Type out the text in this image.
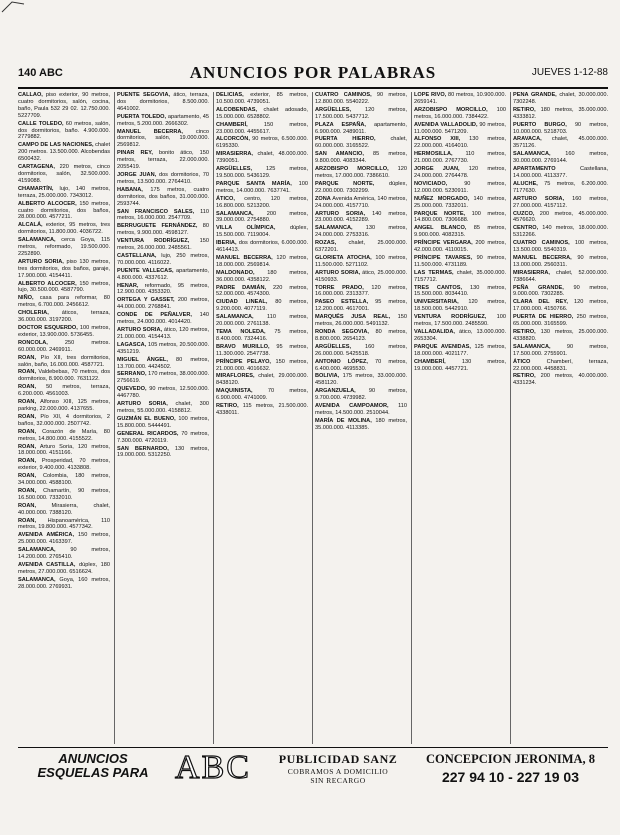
140 ABC	ANUNCIOS POR PALABRAS	JUEVES 1-12-88

CALLAO, piso exterior, 90 metros, cuatro dormitorios, salón, cocina, baño, Paula 532 29 02. 12.750.000. 5227709.

CALLE TOLEDO, 60 metros, salón, dos dormitorios, baño. 4.900.000. 2779882.

CAMPO DE LAS NACIONES, chalet 200 metros. 13.500.000. Alcobendas 6500432.

CARTAGENA, 220 metros, cinco dormitorios, salón, 32.500.000. 4159088.

CHAMARTÍN, lujo, 140 metros, terraza, 25.000.000. 7343012.

ALBERTO ALCOCER, 150 metros, cuatro dormitorios, dos baños, 28.000.000. 4577211.

ALCALÁ, exterior, 95 metros, tres dormitorios, 11.800.000. 4036722.

SALAMANCA, cerca Goya, 115 metros, reformado, 19.500.000. 2252890.

ARTURO SORIA, piso 130 metros, tres dormitorios, dos baños, garaje, 17.900.000. 4154411.

ALBERTO ALCOCER, 150 metros, lujo, 30.500.000. 4587790.

NIÑO, casa para reformar, 80 metros, 6.700.000. 2456612.

CHOLERIA, áticos, terraza, 36.000.000. 3197200.

DOCTOR ESQUERDO, 100 metros, exterior, 13.900.000. 5736455.

RONCOLA, 250 metros. 60.000.000. 2469911.

ROAN, Pío XII, tres dormitorios, salón, baño, 16.000.000. 4587721.

ROAN, Valdebebas, 70 metros, dos dormitorios, 8.900.000. 7631122.

ROAN, 50 metros, terraza, 6.200.000. 4561003.

ROAN, Alfonso XIII, 125 metros, parking, 22.000.000. 4137655.

ROAN, Pío XII, 4 dormitorios, 2 baños, 32.000.000. 2507742.

ROAN, Corazón de María, 80 metros, 14.800.000. 4155522.

ROAN, Arturo Soria, 120 metros, 18.000.000. 4151166.

ROAN, Prosperidad, 70 metros, exterior, 9.400.000. 4133808.

ROAN, Colombia, 180 metros, 34.000.000. 4588100.

ROAN, Chamartín, 90 metros, 16.500.000. 7332010.

ROAN, Mirasierra, chalet, 40.000.000. 7388120.

ROAN, Hispanoamérica, 110 metros, 19.800.000. 4577342.

AVENIDA AMÉRICA, 150 metros, 25.000.000. 4163397.

SALAMANCA, 90 metros, 14.200.000. 2765410.

AVENIDA CASTILLA, dúplex, 180 metros, 27.000.000. 6516624.

SALAMANCA, Goya, 160 metros, 28.000.000. 2769931.

PUENTE SEGOVIA, ático, terraza, dos dormitorios, 8.500.000. 4641002.

PUERTA TOLEDO, apartamento, 45 metros, 5.200.000. 2666302.

MANUEL BECERRA, cinco dormitorios, salón, 19.000.000. 2569812.

PINAR REY, bonito ático, 150 metros, terraza, 22.000.000. 2055419.

JORGE JUAN, dos dormitorios, 70 metros, 13.500.000. 2764410.

HABANA, 175 metros, cuatro dormitorios, dos baños, 31.000.000. 2593744.

SAN FRANCISCO SALES, 110 metros, 16.000.000. 2547709.

BERRUGUETE FERNÁNDEZ, 80 metros, 9.900.000. 4598127.

VENTURA RODRÍGUEZ, 150 metros, 26.000.000. 2485561.

CASTELLANA, lujo, 250 metros, 70.000.000. 4116022.

PUENTE VALLECAS, apartamento, 4.800.000. 4337612.

HENAR, reformado, 95 metros, 12.900.000. 4353320.

ORTEGA Y GASSET, 200 metros, 44.000.000. 2768841.

CONDE DE PEÑALVER, 140 metros, 24.000.000. 4014420.

ARTURO SORIA, ático, 120 metros, 21.000.000. 4154413.

LAGASCA, 105 metros, 20.500.000. 4351219.

MIGUEL ÁNGEL, 80 metros, 13.700.000. 4424502.

SERRANO, 170 metros, 38.000.000. 2756619.

QUEVEDO, 90 metros, 12.500.000. 4467780.

ARTURO SORIA, chalet, 300 metros, 55.000.000. 4158812.

GUZMÁN EL BUENO, 100 metros, 15.800.000. 5444491.

GENERAL RICARDOS, 70 metros, 7.300.000. 4720119.

SAN BERNARDO, 130 metros, 19.000.000. 5312250.

DELICIAS, exterior, 85 metros, 10.500.000. 4739051.

ALCOBENDAS, chalet adosado, 15.000.000. 6528802.

CHAMBERÍ, 150 metros, 23.000.000. 4455617.

ALCORCÓN, 90 metros, 6.500.000. 6195330.

MIRASIERRA, chalet, 48.000.000. 7390051.

ARGÜELLES, 125 metros, 19.500.000. 5436129.

PARQUE SANTA MARÍA, 100 metros, 14.000.000. 7637741.

ÁTICO, centro, 120 metros, 16.800.000. 5213200.

SALAMANCA, 200 metros, 39.000.000. 2754880.

VILLA OLÍMPICA, dúplex, 15.500.000. 7119004.

IBERIA, dos dormitorios, 6.000.000. 4614413.

MANUEL BECERRA, 120 metros, 18.000.000. 2569814.

MALDONADO, 180 metros, 36.000.000. 4358122.

PADRE DAMIÁN, 220 metros, 52.000.000. 4574300.

CIUDAD LINEAL, 80 metros, 9.200.000. 4077119.

SALAMANCA, 110 metros, 20.000.000. 2761138.

TEMA NOLEDA, 75 metros, 8.400.000. 7324416.

BRAVO MURILLO, 95 metros, 11.300.000. 2547738.

PRÍNCIPE PELAYO, 150 metros, 21.000.000. 4016632.

MIRAFLORES, chalet, 29.000.000. 8438120.

MAQUINISTA, 70 metros, 6.900.000. 4741009.

RETIRO, 115 metros, 21.500.000. 4338011.

CUATRO CAMINOS, 90 metros, 12.800.000. 5540222.

ARGÜELLES, 120 metros, 17.500.000. 5437712.

PLAZA ESPAÑA, apartamento, 6.900.000. 2489011.

PUERTA HIERRO, chalet, 60.000.000. 3165522.

SAN AMANCIO, 85 metros, 9.800.000. 4083344.

ARZOBISPO MORCILLO, 120 metros, 17.000.000. 7386610.

PARQUE NORTE, dúplex, 22.000.000. 7302299.

ZONA Avenida América, 140 metros, 24.000.000. 4157710.

ARTURO SORIA, 140 metros, 23.000.000. 4152289.

SALAMANCA, 130 metros, 24.000.000. 2753316.

ROZAS, chalet, 25.000.000. 6372201.

GLORIETA ATOCHA, 100 metros, 11.500.000. 5271102.

ARTURO SORIA, ático, 25.000.000. 4150933.

TORRE PRADO, 120 metros, 16.000.000. 2313377.

PASEO ESTELLA, 95 metros, 12.200.000. 4617001.

MARQUÉS JUSA REAL, 150 metros, 26.000.000. 5491132.

RONDA SEGOVIA, 80 metros, 8.800.000. 2654123.

ARGÜELLES, 160 metros, 26.000.000. 5425518.

ANTONIO LÓPEZ, 70 metros, 6.400.000. 4695530.

BOLIVIA, 175 metros, 33.000.000. 4581120.

ARGANZUELA, 90 metros, 9.700.000. 4739982.

AVENIDA CAMPOAMOR, 110 metros, 14.500.000. 2510044.

MARÍA DE MOLINA, 180 metros, 35.000.000. 4113385.

LOPE RIVO, 80 metros, 10.900.000. 2659141.

ARZOBISPO MORCILLO, 100 metros, 16.000.000. 7384422.

AVENIDA VALLADOLID, 90 metros, 11.000.000. 5471209.

ALFONSO XIII, 130 metros, 22.000.000. 4164010.

HERMOSILLA, 110 metros, 21.000.000. 2767730.

JORGE JUAN, 120 metros, 24.000.000. 2764478.

NOVICIADO, 90 metros, 12.000.000. 5230911.

NUÑEZ MORGADO, 140 metros, 25.000.000. 7332011.

PARQUE NORTE, 100 metros, 14.800.000. 7306688.

ANGEL BLANCO, 85 metros, 9.900.000. 4082315.

PRÍNCIPE VERGARA, 200 metros, 42.000.000. 4110015.

PRÍNCIPE TAVARES, 90 metros, 11.500.000. 4731189.

LAS TERMAS, chalet, 35.000.000. 7157712.

TRES CANTOS, 130 metros, 15.500.000. 8034410.

UNIVERSITARIA, 120 metros, 18.500.000. 5442910.

VENTURA RODRÍGUEZ, 100 metros, 17.500.000. 2485590.

VALLADALIDA, ático, 13.000.000. 2653304.

PARQUE AVENIDAS, 125 metros, 18.000.000. 4021177.

CHAMBERÍ, 130 metros, 19.000.000. 4457721.

PEÑA GRANDE, chalet, 30.000.000. 7302248.

RETIRO, 180 metros, 35.000.000. 4333812.

PUERTO BURGO, 90 metros, 10.000.000. 5218703.

ARAVACA, chalet, 45.000.000. 3571126.

SALAMANCA, 160 metros, 30.000.000. 2769144.

APARTAMENTO Castellana, 14.000.000. 4113377.

ALUCHE, 75 metros, 6.200.000. 7177630.

ARTURO SORIA, 160 metros, 27.000.000. 4157112.

CUZCO, 200 metros, 45.000.000. 4576620.

CENTRO, 140 metros, 18.000.000. 5312266.

CUATRO CAMINOS, 100 metros, 13.500.000. 5540319.

MANUEL BECERRA, 90 metros, 13.000.000. 2560311.

MIRASIERRA, chalet, 52.000.000. 7386644.

PEÑA GRANDE, 90 metros, 9.000.000. 7302285.

CLARA DEL REY, 120 metros, 17.000.000. 4150766.

PUERTA DE HIERRO, 250 metros, 65.000.000. 3165599.

RETIRO, 130 metros, 25.000.000. 4338820.

SALAMANCA, 90 metros, 17.500.000. 2755901.

ÁTICO Chamberí, terraza, 22.000.000. 4458831.

RETIRO, 200 metros, 40.000.000. 4331234.

ANUNCIOS
ESQUELAS PARA ABC	PUBLICIDAD SANZ
COBRAMOS A DOMICILIO
SIN RECARGO
CONCEPCION JERONIMA, 8
227 94 10 - 227 19 03
